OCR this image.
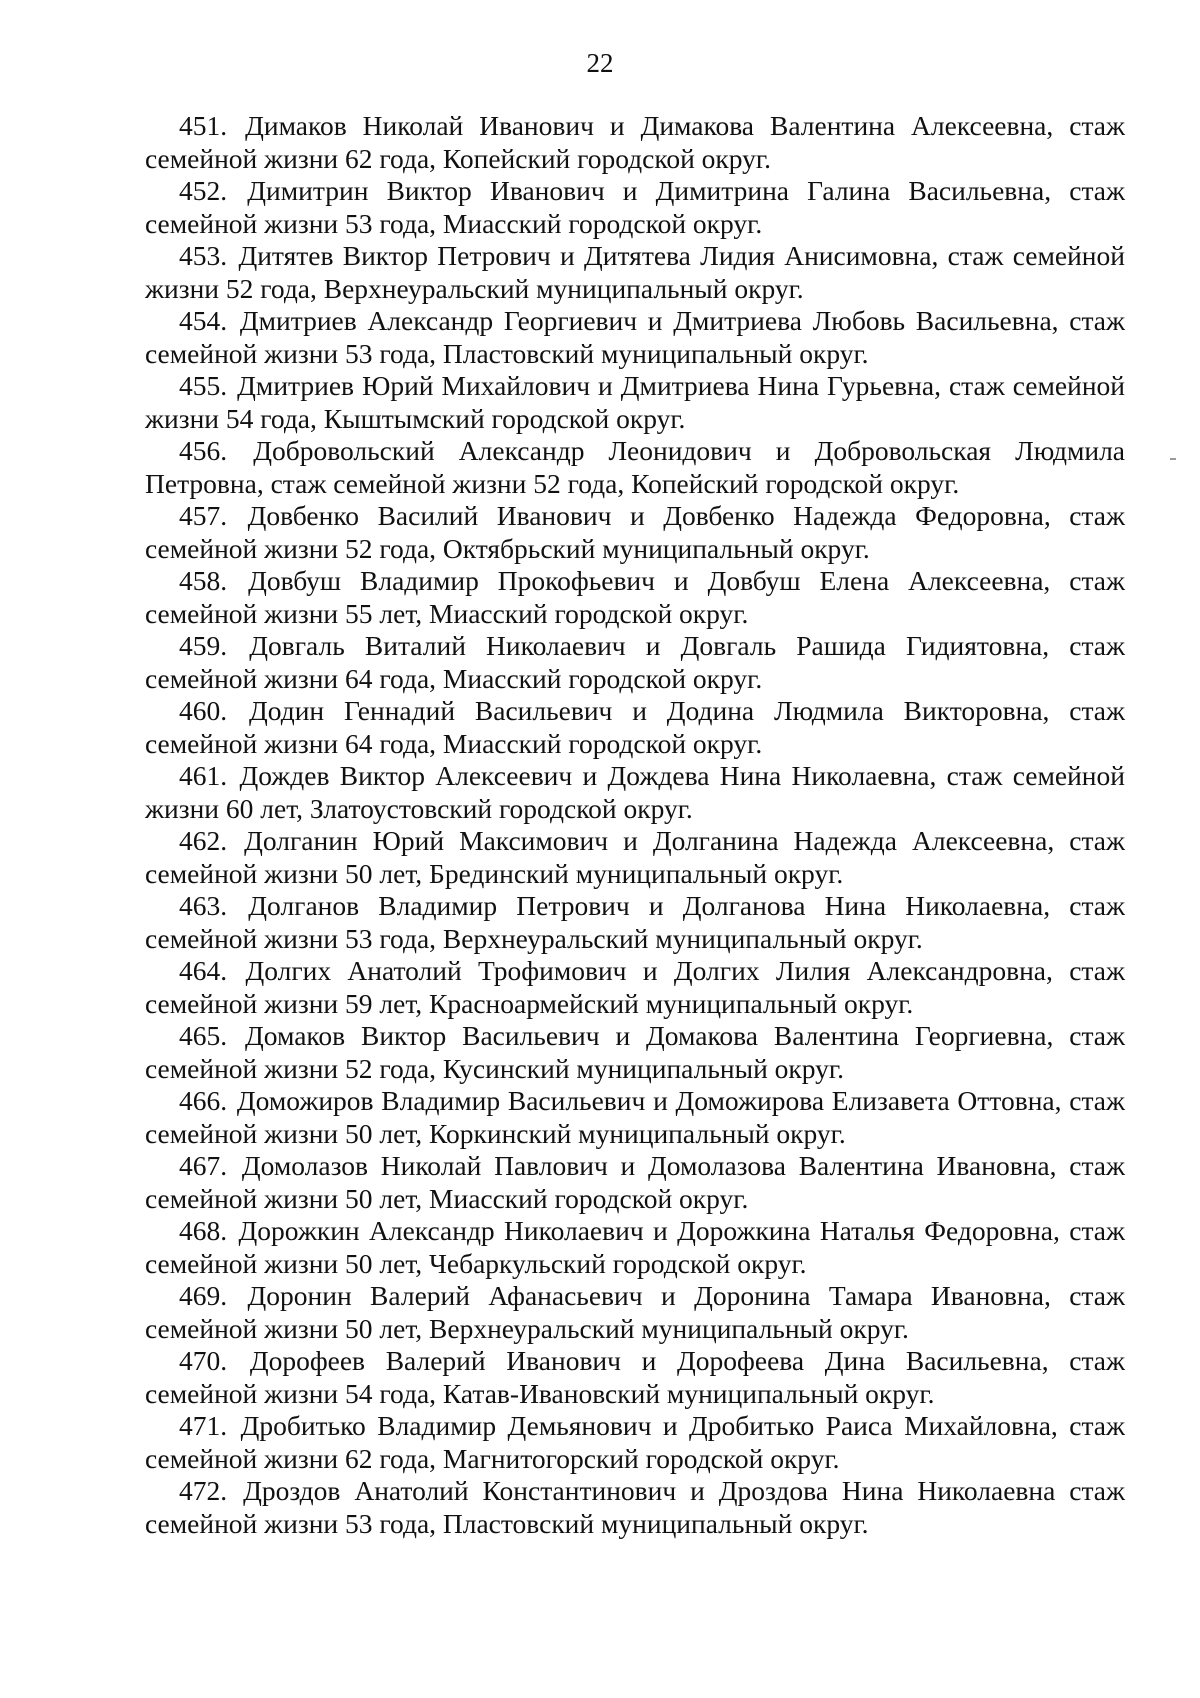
22

451. Димаков Николай Иванович и Димакова Валентина Алексеевна, стаж семейной жизни 62 года, Копейский городской округ.

452. Димитрин Виктор Иванович и Димитрина Галина Васильевна, стаж семейной жизни 53 года, Миасский городской округ.

453. Дитятев Виктор Петрович и Дитятева Лидия Анисимовна, стаж семейной жизни 52 года, Верхнеуральский муниципальный округ.

454. Дмитриев Александр Георгиевич и Дмитриева Любовь Васильевна, стаж семейной жизни 53 года, Пластовский муниципальный округ.

455. Дмитриев Юрий Михайлович и Дмитриева Нина Гурьевна, стаж семейной жизни 54 года, Кыштымский городской округ.

456. Добровольский Александр Леонидович и Добровольская Людмила Петровна, стаж семейной жизни 52 года, Копейский городской округ.

457. Довбенко Василий Иванович и Довбенко Надежда Федоровна, стаж семейной жизни 52 года, Октябрьский муниципальный округ.

458. Довбуш Владимир Прокофьевич и Довбуш Елена Алексеевна, стаж семейной жизни 55 лет, Миасский городской округ.

459. Довгаль Виталий Николаевич и Довгаль Рашида Гидиятовна, стаж семейной жизни 64 года, Миасский городской округ.

460. Додин Геннадий Васильевич и Додина Людмила Викторовна, стаж семейной жизни 64 года, Миасский городской округ.

461. Дождев Виктор Алексеевич и Дождева Нина Николаевна, стаж семейной жизни 60 лет, Златоустовский городской округ.

462. Долганин Юрий Максимович и Долганина Надежда Алексеевна, стаж семейной жизни 50 лет, Брединский муниципальный округ.

463. Долганов Владимир Петрович и Долганова Нина Николаевна, стаж семейной жизни 53 года, Верхнеуральский муниципальный округ.

464. Долгих Анатолий Трофимович и Долгих Лилия Александровна, стаж семейной жизни 59 лет, Красноармейский муниципальный округ.

465. Домаков Виктор Васильевич и Домакова Валентина Георгиевна, стаж семейной жизни 52 года, Кусинский муниципальный округ.

466. Доможиров Владимир Васильевич и Доможирова Елизавета Оттовна, стаж семейной жизни 50 лет, Коркинский муниципальный округ.

467. Домолазов Николай Павлович и Домолазова Валентина Ивановна, стаж семейной жизни 50 лет, Миасский городской округ.

468. Дорожкин Александр Николаевич и Дорожкина Наталья Федоровна, стаж семейной жизни 50 лет, Чебаркульский городской округ.

469. Доронин Валерий Афанасьевич и Доронина Тамара Ивановна, стаж семейной жизни 50 лет, Верхнеуральский муниципальный округ.

470. Дорофеев Валерий Иванович и Дорофеева Дина Васильевна, стаж семейной жизни 54 года, Катав-Ивановский муниципальный округ.

471. Дробитько Владимир Демьянович и Дробитько Раиса Михайловна, стаж семейной жизни 62 года, Магнитогорский городской округ.

472. Дроздов Анатолий Константинович и Дроздова Нина Николаевна стаж семейной жизни 53 года, Пластовский муниципальный округ.
